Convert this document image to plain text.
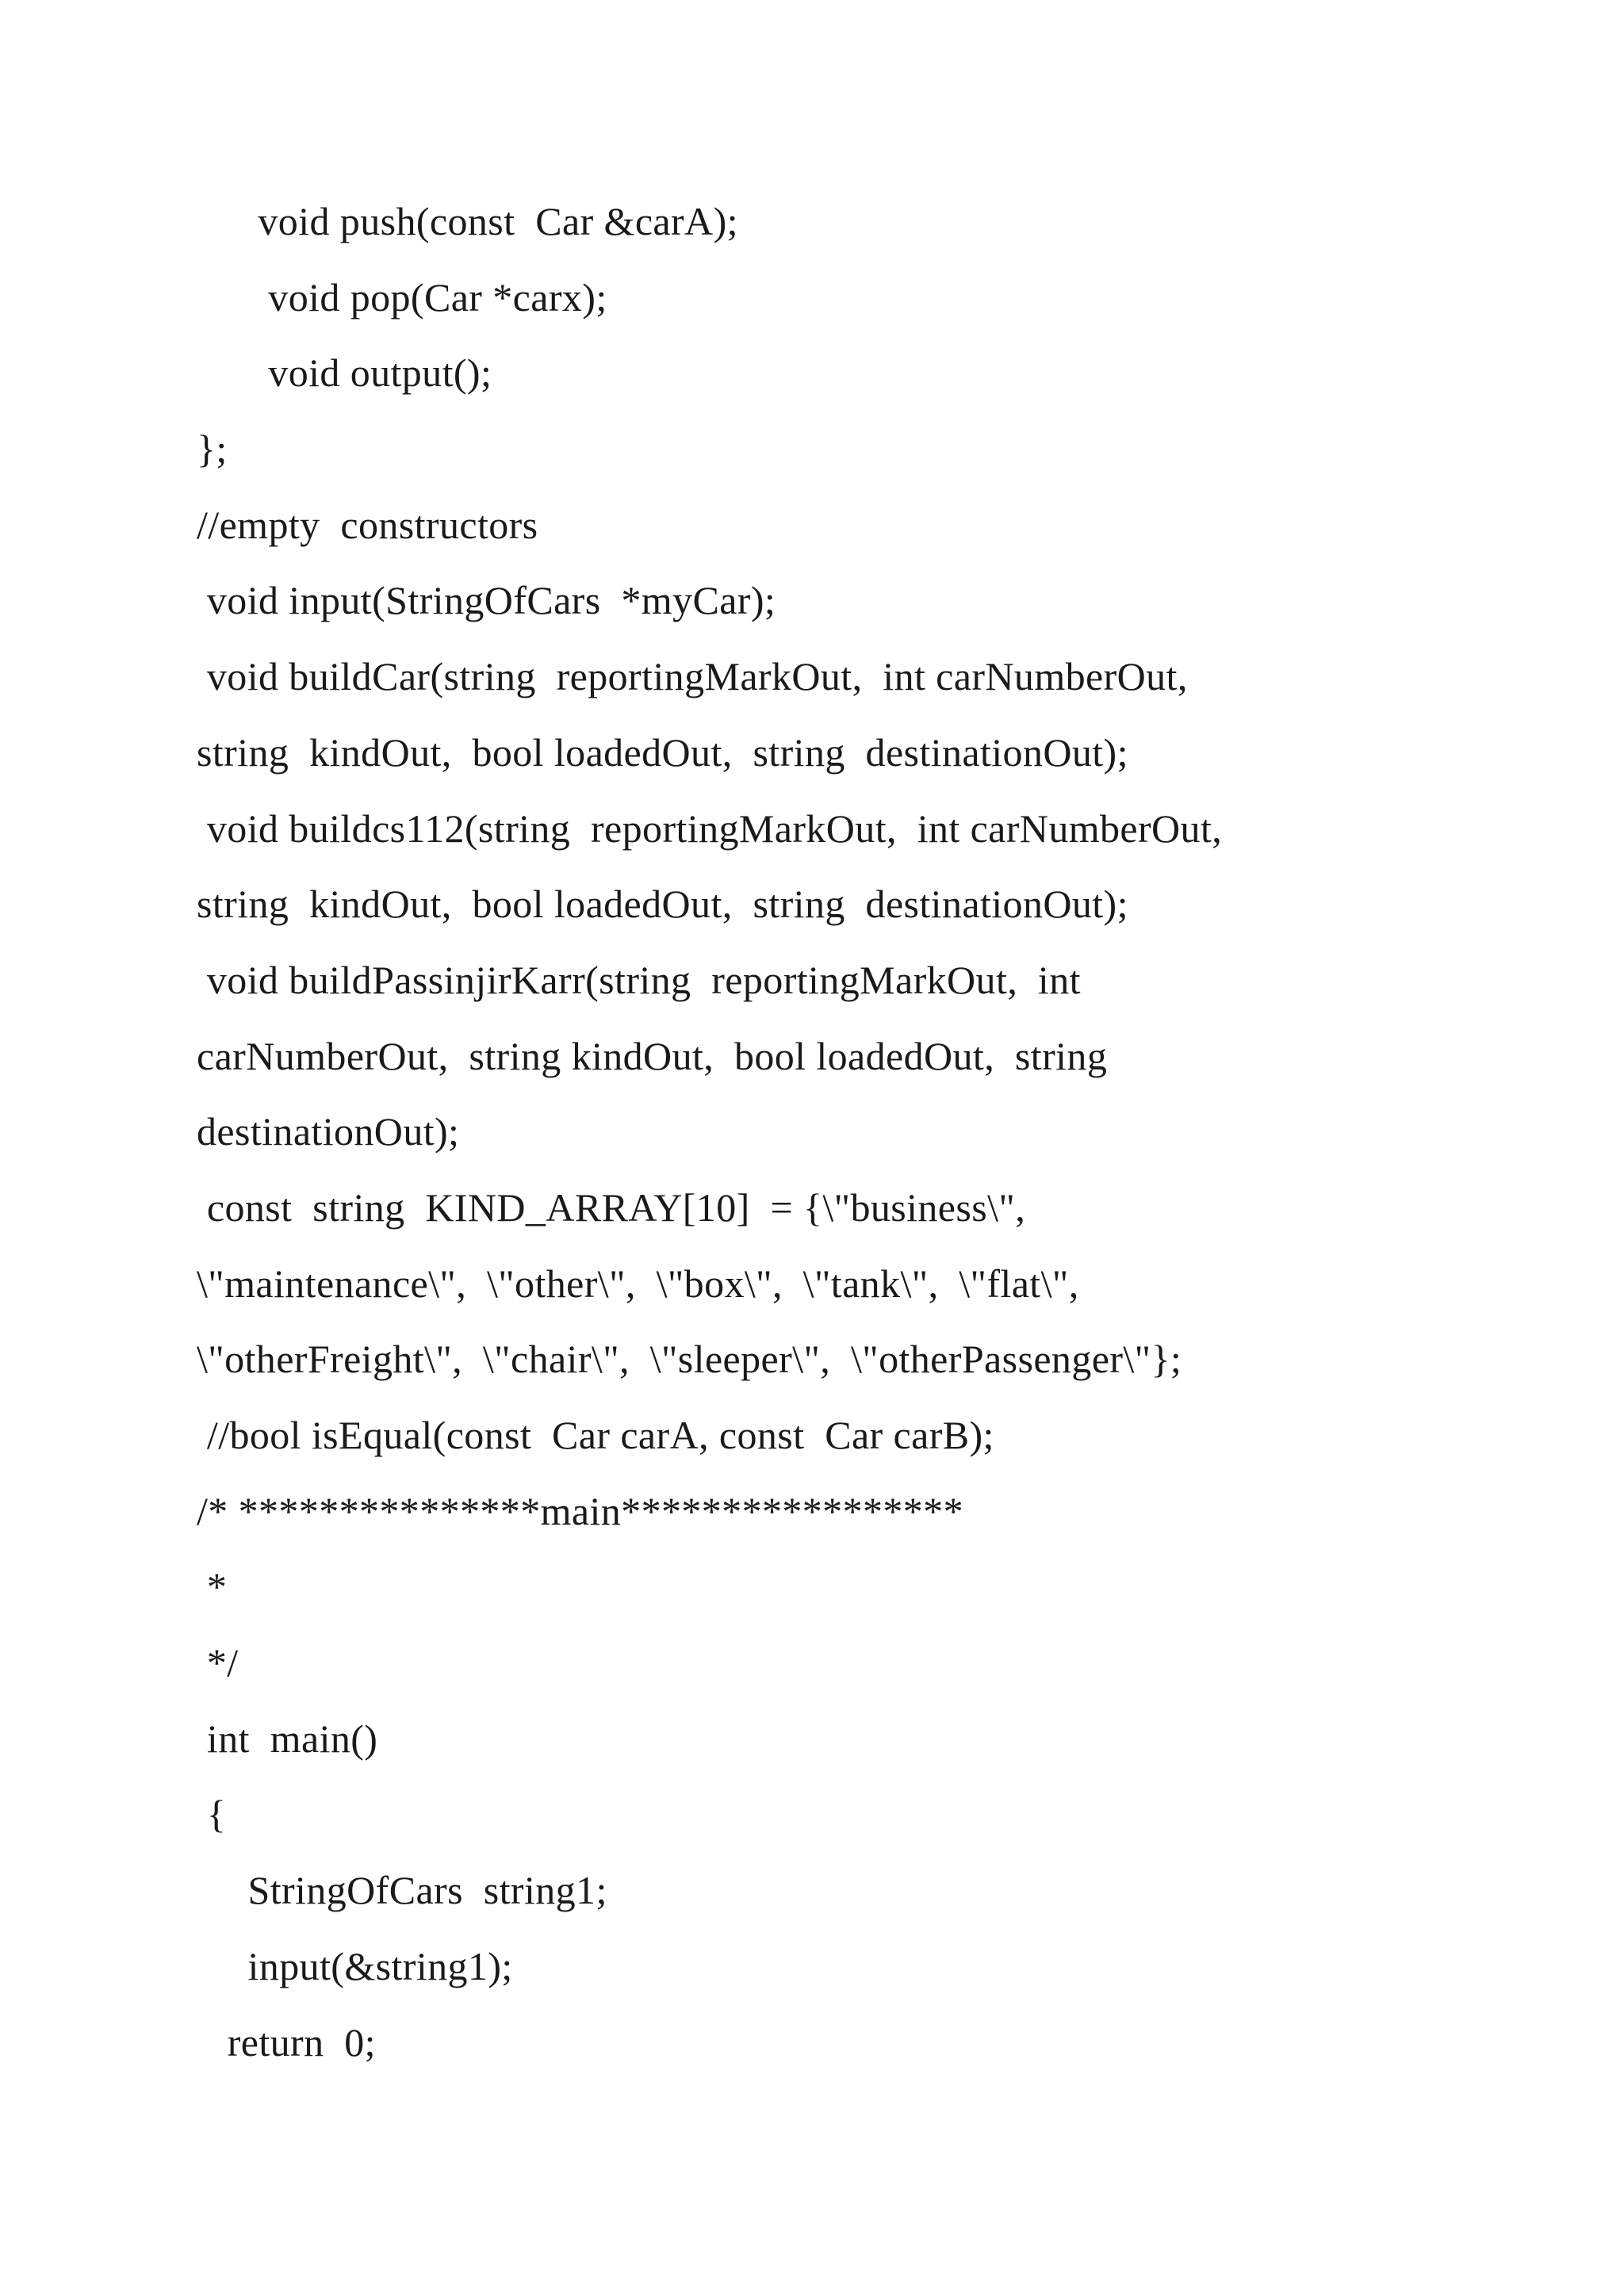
void push(const  Car &carA);
void pop(Car *carx);
void output();
};
//empty  constructors
void input(StringOfCars  *myCar);
void buildCar(string  reportingMarkOut,  int carNumberOut,
string  kindOut,  bool loadedOut,  string  destinationOut);
void buildcs112(string  reportingMarkOut,  int carNumberOut,
string  kindOut,  bool loadedOut,  string  destinationOut);
void buildPassinjirKarr(string  reportingMarkOut,  int
carNumberOut,  string kindOut,  bool loadedOut,  string
destinationOut);
const  string  KIND_ARRAY[10]  = {\"business\",
\"maintenance\",  \"other\",  \"box\",  \"tank\",  \"flat\",
\"otherFreight\",  \"chair\",  \"sleeper\",  \"otherPassenger\"};
//bool isEqual(const  Car carA, const  Car carB);
/* ***************main*****************
*
*/
int  main()
{
StringOfCars  string1;
input(&string1);
return  0;
